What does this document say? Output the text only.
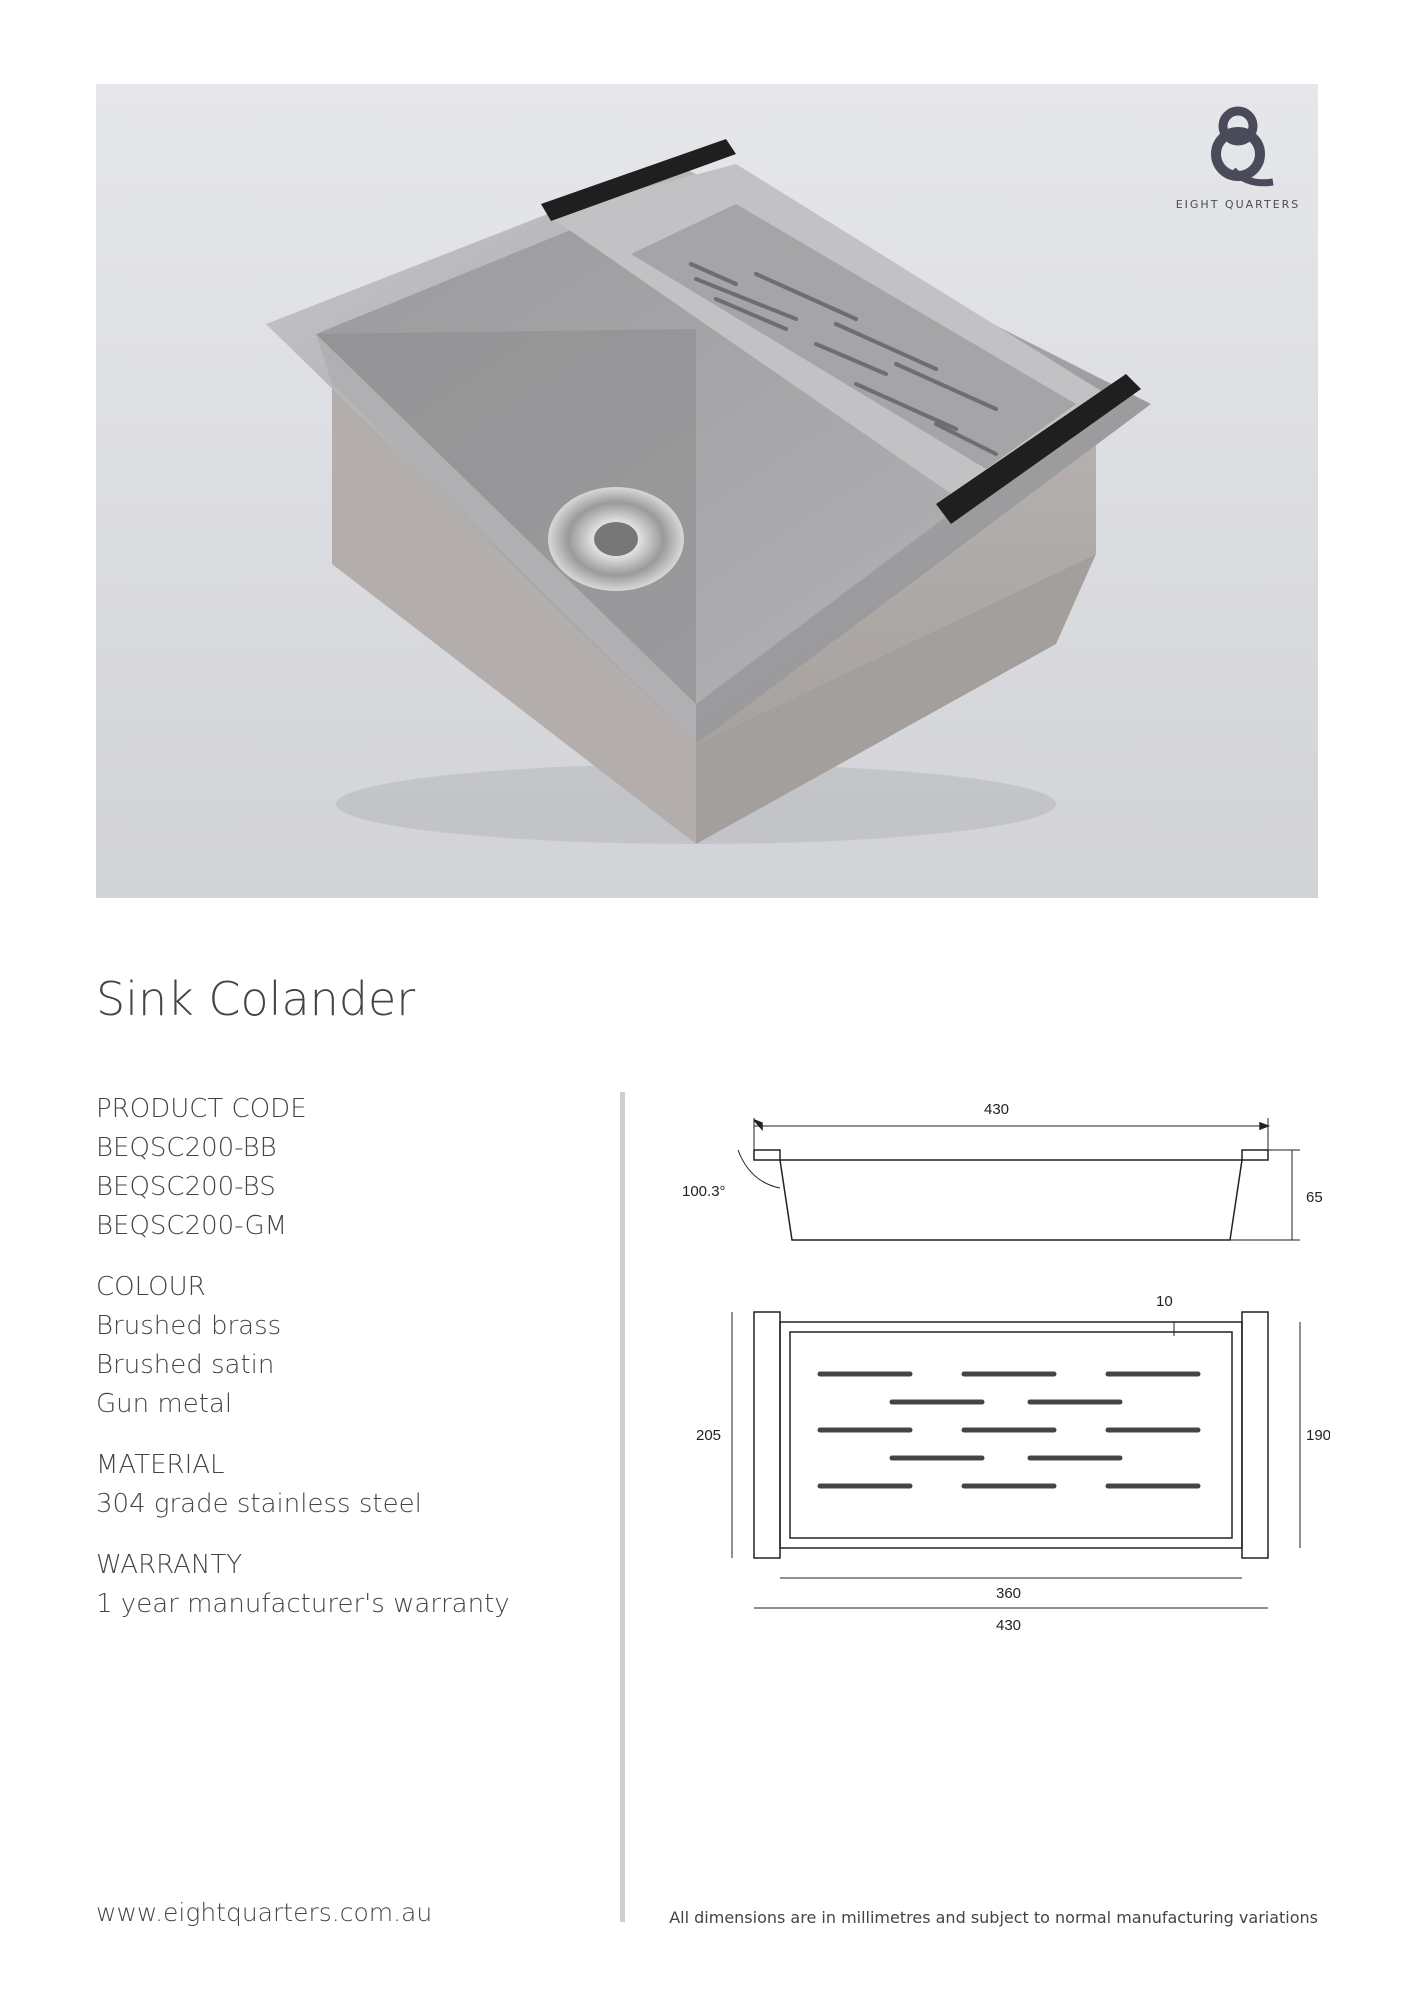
EIGHT QUARTERS
Sink Colander
PRODUCT CODE
BEQSC200-BB
BEQSC200-BS
BEQSC200-GM
COLOUR
Brushed brass
Brushed satin
Gun metal
MATERIAL
304 grade stainless steel
WARRANTY
1 year manufacturer's warranty
430
100.3°	65
10
205	190
360
430
www.eightquarters.com.au	All dimensions are in millimetres and subject to normal manufacturing variations
